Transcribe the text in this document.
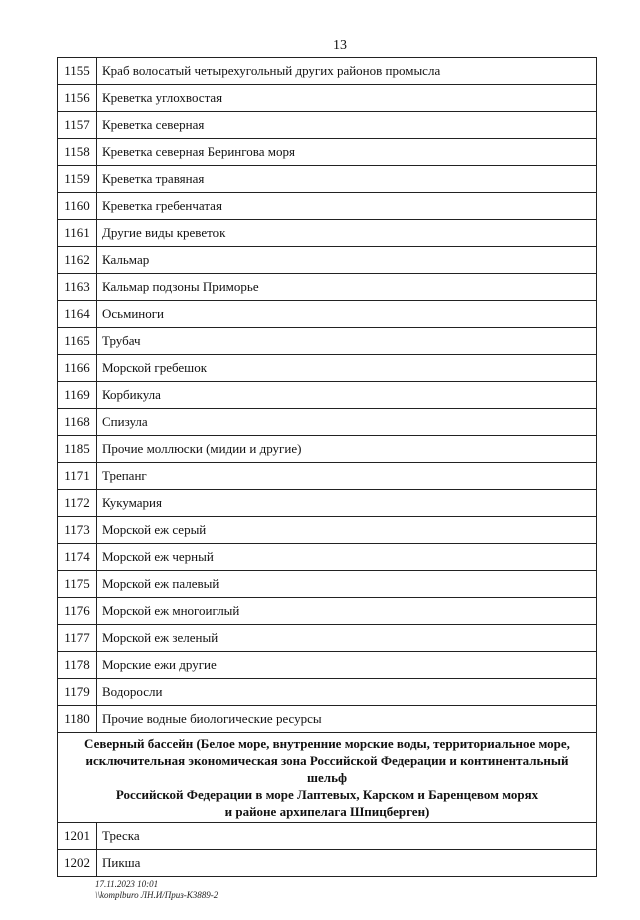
13
1155	Краб волосатый четырехугольный других районов промысла
1156	Креветка углохвостая
1157	Креветка северная
1158	Креветка северная Берингова моря
1159	Креветка травяная
1160	Креветка гребенчатая
1161	Другие виды креветок
1162	Кальмар
1163	Кальмар подзоны Приморье
1164	Осьминоги
1165	Трубач
1166	Морской гребешок
1169	Корбикула
1168	Спизула
1185	Прочие моллюски (мидии и другие)
1171	Трепанг
1172	Кукумария
1173	Морской еж серый
1174	Морской еж черный
1175	Морской еж палевый
1176	Морской еж многоиглый
1177	Морской еж зеленый
1178	Морские ежи другие
1179	Водоросли
1180	Прочие водные биологические ресурсы
Северный бассейн (Белое море, внутренние морские воды, территориальное море,
исключительная экономическая зона Российской Федерации и континентальный шельф
Российской Федерации в море Лаптевых, Карском и Баренцевом морях
и районе архипелага Шпицберген)	
1201	Треска
1202	Пикша
17.11.2023 10:01
\\komplburo ЛН.И/Приз-К3889-2
